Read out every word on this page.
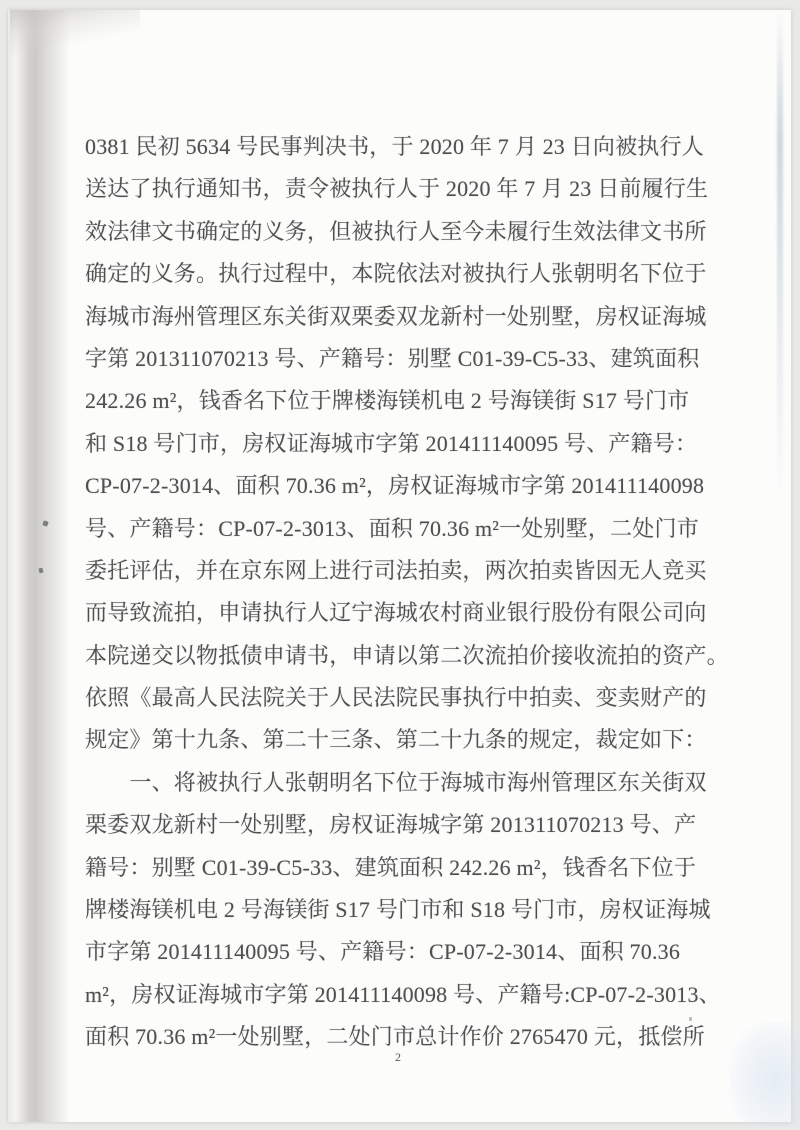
0381 民初 5634 号民事判决书，于 2020 年 7 月 23 日向被执行人
送达了执行通知书，责令被执行人于 2020 年 7 月 23 日前履行生
效法律文书确定的义务，但被执行人至今未履行生效法律文书所
确定的义务。执行过程中，本院依法对被执行人张朝明名下位于
海城市海州管理区东关街双栗委双龙新村一处别墅，房权证海城
字第 201311070213 号、产籍号：别墅 C01-39-C5-33、建筑面积
242.26 m²，钱香名下位于牌楼海镁机电 2 号海镁街 S17 号门市
和 S18 号门市，房权证海城市字第 201411140095 号、产籍号：
CP-07-2-3014、面积 70.36 m²，房权证海城市字第 201411140098
号、产籍号：CP-07-2-3013、面积 70.36 m²一处别墅，二处门市
委托评估，并在京东网上进行司法拍卖，两次拍卖皆因无人竞买
而导致流拍，申请执行人辽宁海城农村商业银行股份有限公司向
本院递交以物抵债申请书，申请以第二次流拍价接收流拍的资产。
依照《最高人民法院关于人民法院民事执行中拍卖、变卖财产的
规定》第十九条、第二十三条、第二十九条的规定，裁定如下：
　　一、将被执行人张朝明名下位于海城市海州管理区东关街双
栗委双龙新村一处别墅，房权证海城字第 201311070213 号、产
籍号：别墅 C01-39-C5-33、建筑面积 242.26 m²，钱香名下位于
牌楼海镁机电 2 号海镁街 S17 号门市和 S18 号门市，房权证海城
市字第 201411140095 号、产籍号：CP-07-2-3014、面积 70.36
m²，房权证海城市字第 201411140098 号、产籍号:CP-07-2-3013、
面积 70.36 m²一处别墅，二处门市总计作价 2765470 元，抵偿所
2
